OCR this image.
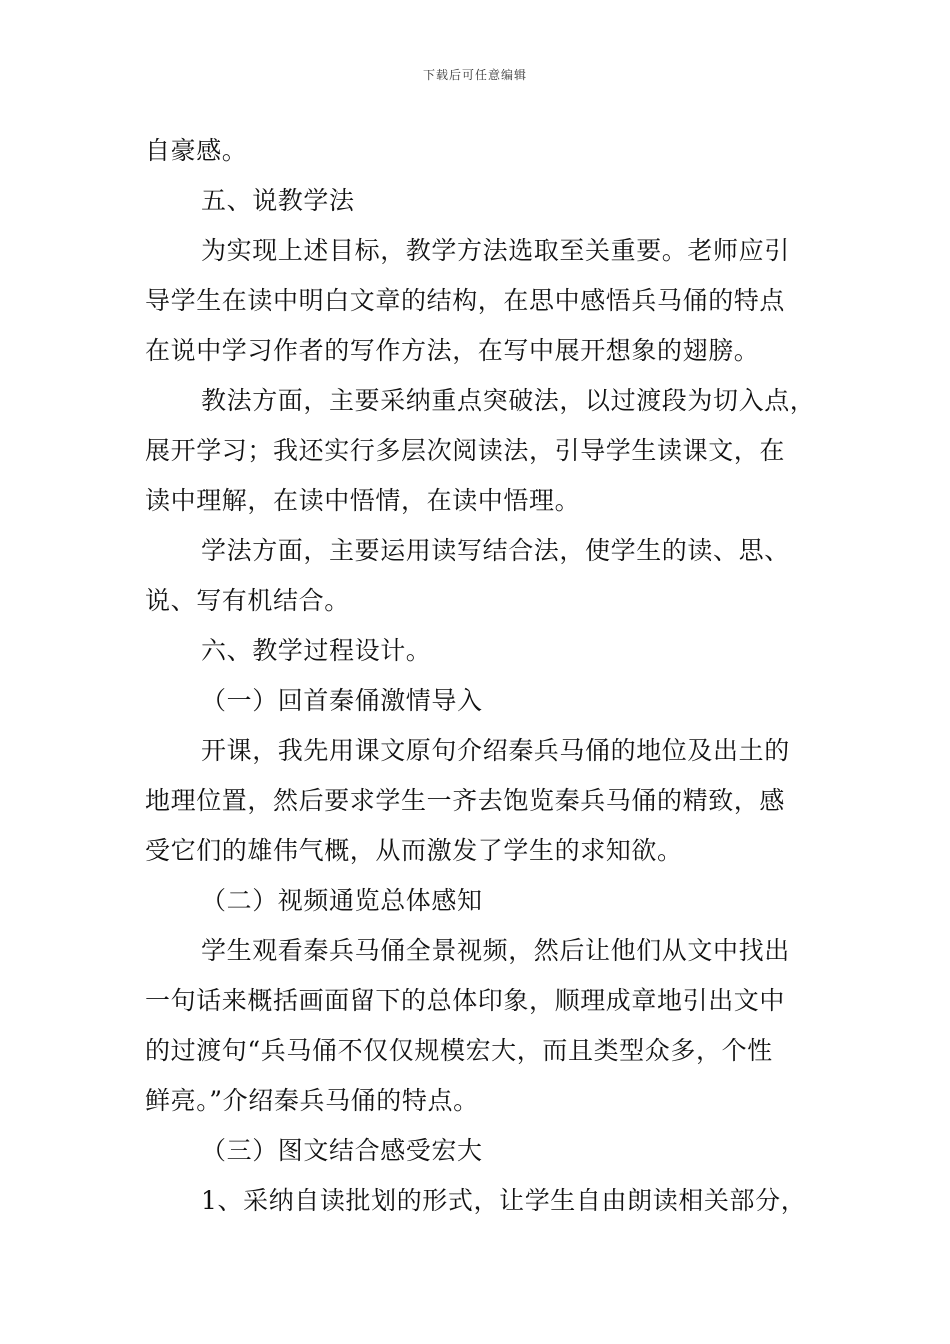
下载后可任意编辑
自豪感。
五、说教学法
为实现上述目标，教学方法选取至关重要。老师应引
导学生在读中明白文章的结构，在思中感悟兵马俑的特点
在说中学习作者的写作方法，在写中展开想象的翅膀。
教法方面，主要采纳重点突破法，以过渡段为切入点，
展开学习；我还实行多层次阅读法，引导学生读课文，在
读中理解，在读中悟情，在读中悟理。
学法方面，主要运用读写结合法，使学生的读、思、
说、写有机结合。
六、教学过程设计。
（一）回首秦俑激情导入
开课，我先用课文原句介绍秦兵马俑的地位及出土的
地理位置，然后要求学生一齐去饱览秦兵马俑的精致，感
受它们的雄伟气概，从而激发了学生的求知欲。
（二）视频通览总体感知
学生观看秦兵马俑全景视频，然后让他们从文中找出
一句话来概括画面留下的总体印象，顺理成章地引出文中
的过渡句“兵马俑不仅仅规模宏大，而且类型众多，个性
鲜亮。”介绍秦兵马俑的特点。
（三）图文结合感受宏大
1、采纳自读批划的形式，让学生自由朗读相关部分，
